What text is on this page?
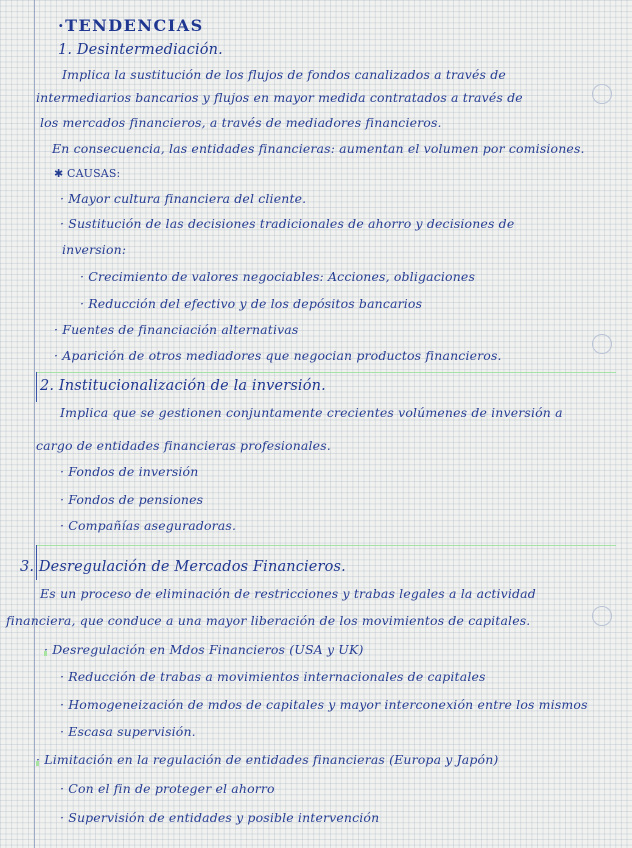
·TENDENCIAS
1. Desintermediación.
Implica la sustitución de los flujos de fondos canalizados a través de
intermediarios bancarios y flujos en mayor medida contratados a través de
los mercados financieros, a través de mediadores financieros.
En consecuencia, las entidades financieras: aumentan el volumen por comisiones.
✱ CAUSAS:
· Mayor cultura financiera del cliente.
· Sustitución de las decisiones tradicionales de ahorro y decisiones de
inversion:
· Crecimiento de valores negociables: Acciones, obligaciones
· Reducción del efectivo y de los depósitos bancarios
· Fuentes de financiación alternativas
· Aparición de otros mediadores que negocian productos financieros.
2. Institucionalización de la inversión.
Implica que se gestionen conjuntamente crecientes volúmenes de inversión a
cargo de entidades financieras profesionales.
· Fondos de inversión
· Fondos de pensiones
· Compañías aseguradoras.
3. Desregulación de Mercados Financieros.
Es un proceso de eliminación de restricciones y trabas legales a la actividad
financiera, que conduce a una mayor liberación de los movimientos de capitales.
· Desregulación en Mdos Financieros (USA y UK)
· Reducción de trabas a movimientos internacionales de capitales
· Homogeneización de mdos de capitales y mayor interconexión entre los mismos
· Escasa supervisión.
· Limitación en la regulación de entidades financieras (Europa y Japón)
· Con el fin de proteger el ahorro
· Supervisión de entidades y posible intervención
